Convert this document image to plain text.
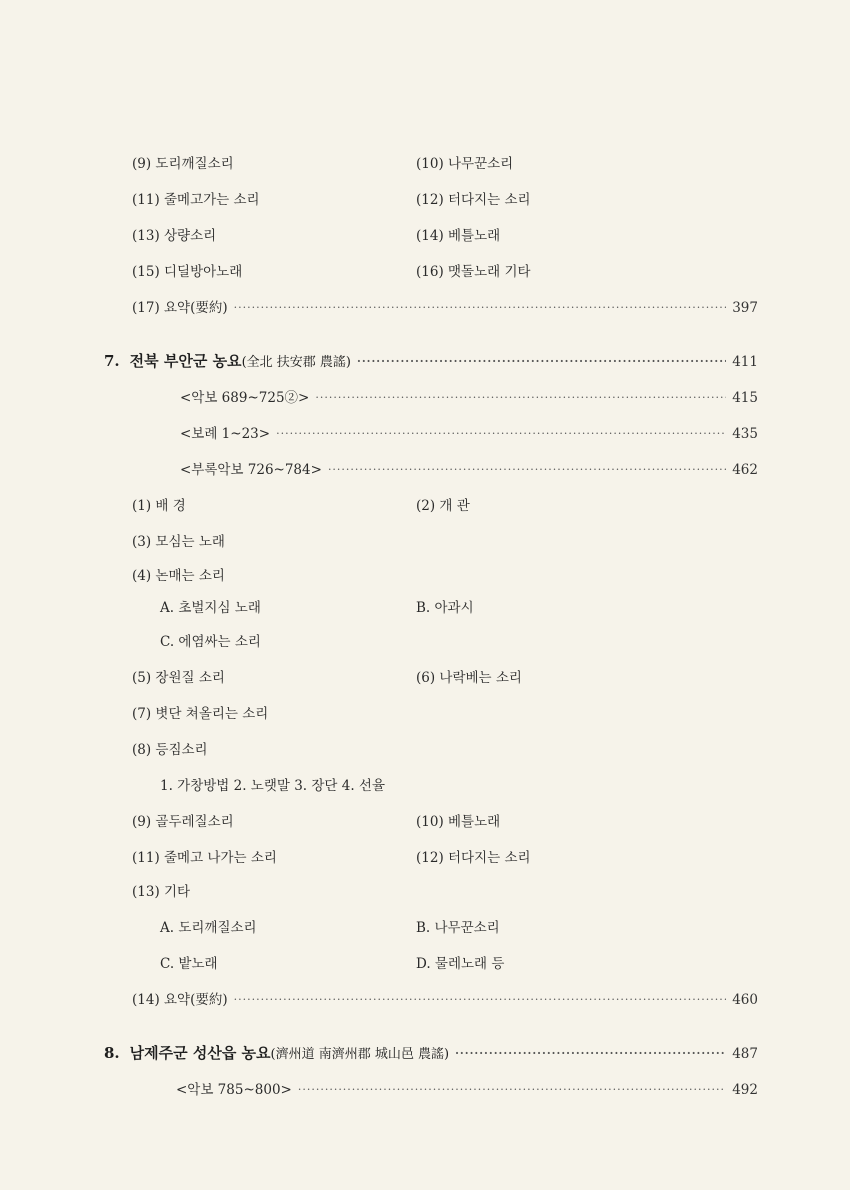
(9) 도리깨질소리	(10) 나무꾼소리
(11) 줄메고가는 소리	(12) 터다지는 소리
(13) 상량소리	(14) 베틀노래
(15) 디딜방아노래	(16) 맷돌노래 기타
(17) 요약(要約) ·····	397
7. 전북 부안군 농요(全北 扶安郡 農謠) ·····	411
<악보 689~725②> ·····	415
<보례 1~23> ·····	435
<부록악보 726~784> ·····	462
(1) 배 경	(2) 개 관
(3) 모심는 노래
(4) 논매는 소리
A. 초벌지심 노래	B. 아과시
C. 에염싸는 소리
(5) 장원질 소리	(6) 나락베는 소리
(7) 볏단 쳐올리는 소리
(8) 등짐소리
1. 가창방법 2. 노랫말 3. 장단 4. 선율
(9) 골두레질소리	(10) 베틀노래
(11) 줄메고 나가는 소리	(12) 터다지는 소리
(13) 기타
A. 도리깨질소리	B. 나무꾼소리
C. 밭노래	D. 물레노래 등
(14) 요약(要約) ·····	460
8. 남제주군 성산읍 농요(濟州道 南濟州郡 城山邑 農謠) ·····	487
<악보 785~800> ·····	492
